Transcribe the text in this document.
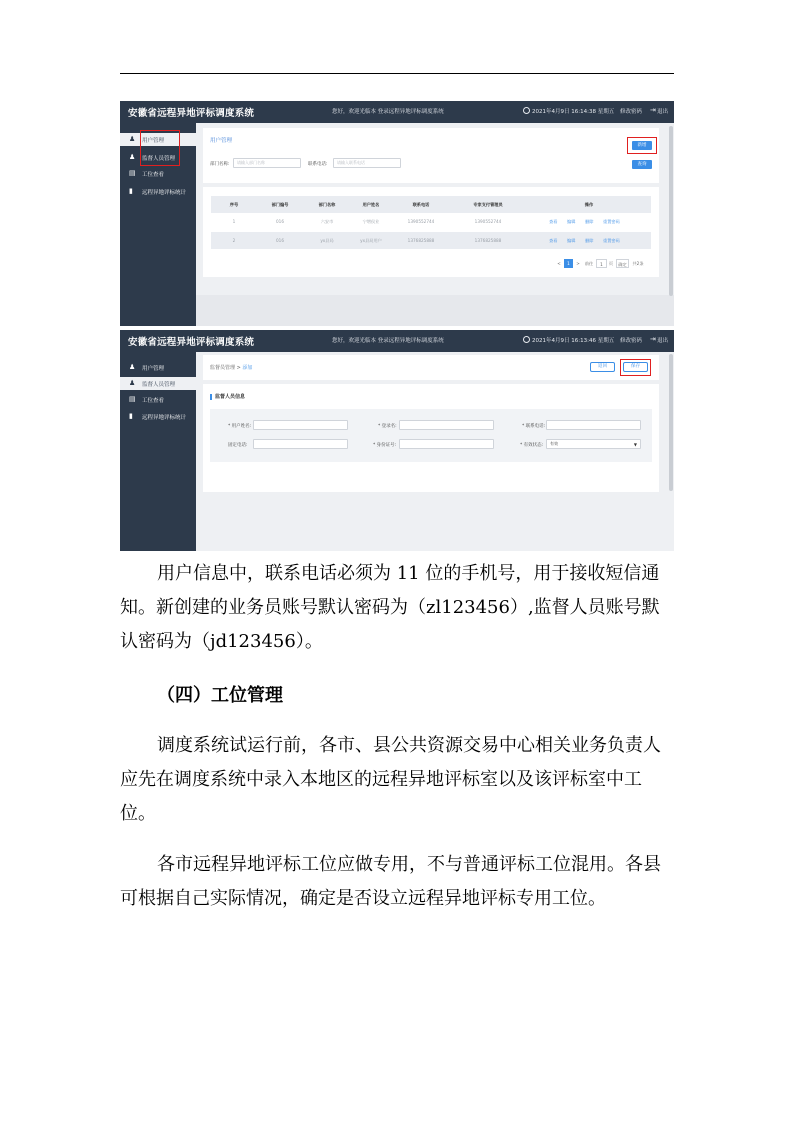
安徽省远程异地评标调度系统	您好，欢迎光临本 登录远程异地评标调度系统	2021年4月9日 16:14:38 星期五 修改密码 ⇥ 退出
♟ 用户管理
♟ 监督人员管理
▤ 工位查看
▮ 远程异地评标统计
用户管理
部门名称:	请输入部门名称	联系电话:	请输入联系电话
新增
查询
序号	部门编号	部门名称	用户姓名	联系电话	专家支付管理员	操作
1	016	六安市	宁增侯业	1390552744	1390552744	查看 编辑 删除 重置密码
2	016	yx县局	yx县局用户	1376825888	1376825888	查看 编辑 删除 重置密码
<	1	>	前往	1	页	确定	共2条
安徽省远程异地评标调度系统	您好，欢迎光临本 登录远程异地评标调度系统	2021年4月9日 16:13:46 星期五 修改密码 ⇥ 退出
♟ 用户管理
♟ 监督人员管理
▤ 工位查看
▮ 远程异地评标统计
监督员管理 > 添加	返回	保存
监督人员信息
* 用户姓名:	* 登录名:	* 联系电话:
固定电话:	* 身份证号:	* 有效状态:	有效	▼
用户信息中，联系电话必须为 11 位的手机号，用于接收短信通
知。新创建的业务员账号默认密码为（zl123456）,监督人员账号默
认密码为（jd123456）。
（四）工位管理
调度系统试运行前，各市、县公共资源交易中心相关业务负责人
应先在调度系统中录入本地区的远程异地评标室以及该评标室中工
位。
各市远程异地评标工位应做专用，不与普通评标工位混用。各县
可根据自己实际情况，确定是否设立远程异地评标专用工位。
